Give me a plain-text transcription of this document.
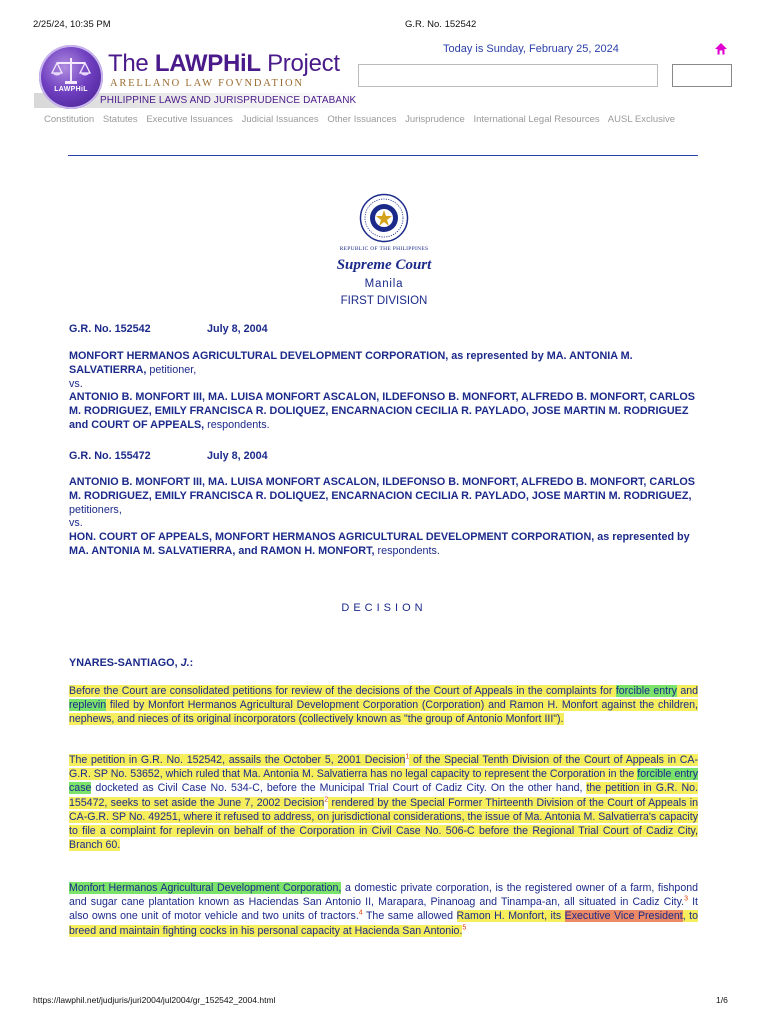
2/25/24, 10:35 PM	G.R. No. 152542
LAWPHiL
The LAWPHiL Project
ARELLANO LAW FOVNDATION
PHILIPPINE LAWS AND JURISPRUDENCE DATABANK
Today is Sunday, February 25, 2024
Constitution Statutes Executive Issuances Judicial Issuances Other Issuances Jurisprudence International Legal Resources AUSL Exclusive
REPUBLIC OF THE PHILIPPINES
Supreme Court
Manila
FIRST DIVISION
G.R. No. 152542	July 8, 2004
MONFORT HERMANOS AGRICULTURAL DEVELOPMENT CORPORATION, as represented by MA. ANTONIA M. SALVATIERRA, petitioner,
vs.
ANTONIO B. MONFORT III, MA. LUISA MONFORT ASCALON, ILDEFONSO B. MONFORT, ALFREDO B. MONFORT, CARLOS M. RODRIGUEZ, EMILY FRANCISCA R. DOLIQUEZ, ENCARNACION CECILIA R. PAYLADO, JOSE MARTIN M. RODRIGUEZ and COURT OF APPEALS, respondents.
G.R. No. 155472	July 8, 2004
ANTONIO B. MONFORT III, MA. LUISA MONFORT ASCALON, ILDEFONSO B. MONFORT, ALFREDO B. MONFORT, CARLOS M. RODRIGUEZ, EMILY FRANCISCA R. DOLIQUEZ, ENCARNACION CECILIA R. PAYLADO, JOSE MARTIN M. RODRIGUEZ, petitioners,
vs.
HON. COURT OF APPEALS, MONFORT HERMANOS AGRICULTURAL DEVELOPMENT CORPORATION, as represented by MA. ANTONIA M. SALVATIERRA, and RAMON H. MONFORT, respondents.
DECISION
YNARES-SANTIAGO, J.:
Before the Court are consolidated petitions for review of the decisions of the Court of Appeals in the complaints for forcible entry and replevin filed by Monfort Hermanos Agricultural Development Corporation (Corporation) and Ramon H. Monfort against the children, nephews, and nieces of its original incorporators (collectively known as "the group of Antonio Monfort III").
The petition in G.R. No. 152542, assails the October 5, 2001 Decision$^1$ of the Special Tenth Division of the Court of Appeals in CA-G.R. SP No. 53652, which ruled that Ma. Antonia M. Salvatierra has no legal capacity to represent the Corporation in the forcible entry case docketed as Civil Case No. 534-C, before the Municipal Trial Court of Cadiz City. On the other hand, the petition in G.R. No. 155472, seeks to set aside the June 7, 2002 Decision$^2$ rendered by the Special Former Thirteenth Division of the Court of Appeals in CA-G.R. SP No. 49251, where it refused to address, on jurisdictional considerations, the issue of Ma. Antonia M. Salvatierra's capacity to file a complaint for replevin on behalf of the Corporation in Civil Case No. 506-C before the Regional Trial Court of Cadiz City, Branch 60.
Monfort Hermanos Agricultural Development Corporation, a domestic private corporation, is the registered owner of a farm, fishpond and sugar cane plantation known as Haciendas San Antonio II, Marapara, Pinanoag and Tinampa-an, all situated in Cadiz City.$^3$ It also owns one unit of motor vehicle and two units of tractors.$^4$ The same allowed Ramon H. Monfort, its Executive Vice President, to breed and maintain fighting cocks in his personal capacity at Hacienda San Antonio.$^5$
https://lawphil.net/judjuris/juri2004/jul2004/gr_152542_2004.html	1/6
